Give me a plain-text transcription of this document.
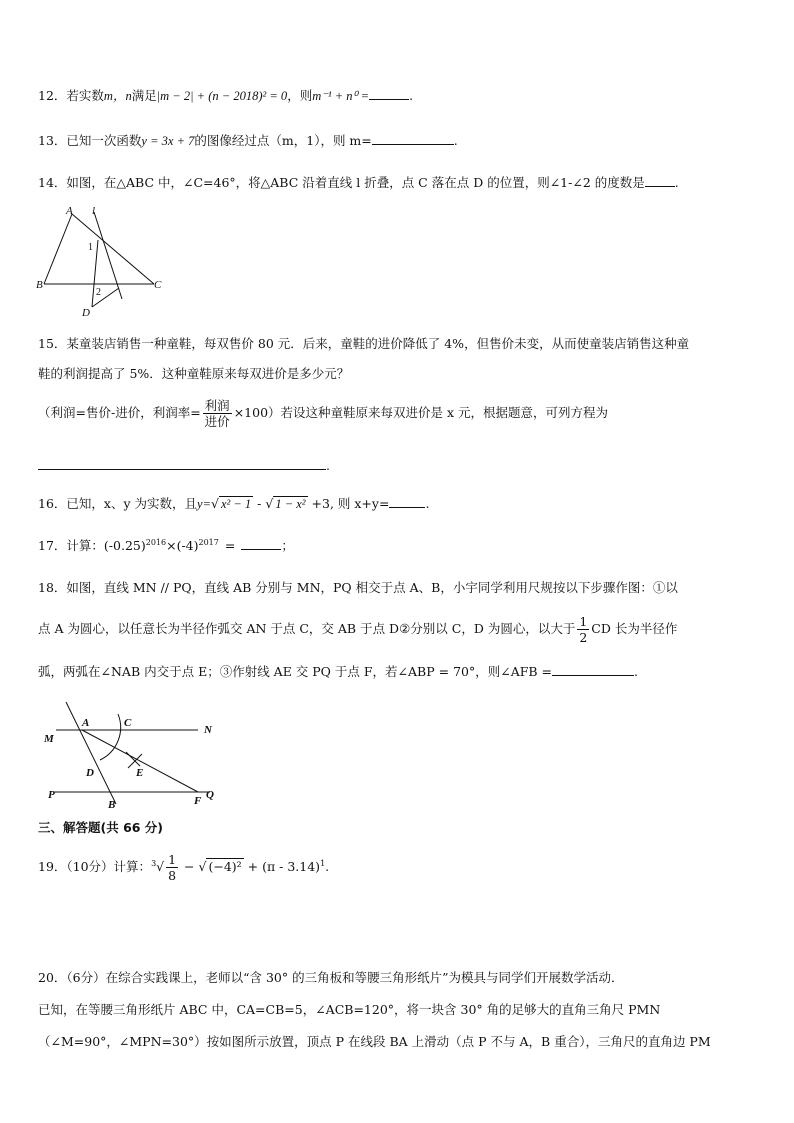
12．若实数m，n满足|m − 2| + (n − 2018)² = 0，则m⁻¹ + n⁰ =	.
13．已知一次函数y = 3x + 7的图像经过点（m，1），则 m=	.
14．如图，在△ABC 中，∠C=46°，将△ABC 沿着直线 l 折叠，点 C 落在点 D 的位置，则∠1-∠2 的度数是 .
A l
1
B	C
2
D
15．某童装店销售一种童鞋，每双售价 80 元．后来，童鞋的进价降低了 4%，但售价未变，从而使童装店销售这种童
鞋的利润提高了 5%．这种童鞋原来每双进价是多少元？
（利润=售价-进价，利润率= $\frac{\text{利润}}{\text{进价}} \times 100$）若设这种童鞋原来每双进价是 x 元，根据题意，可列方程为
.
16．已知，x、y 为实数，且y=√ x² − 1 - √ 1 − x² +3, 则 x+y=	.
17．计算：$(-0.25)^{2016}\times(-4)^{2017}$ =	；
18．如图，直线 MN // PQ，直线 AB 分别与 MN，PQ 相交于点 A、B，小宇同学利用尺规按以下步骤作图：①以
点 A 为圆心，以任意长为半径作弧交 AN 于点 C，交 AB 于点 D②分别以 C，D 为圆心，以大于 $\frac{1}{2}$ CD 长为半径作
弧，两弧在∠NAB 内交于点 E；③作射线 AE 交 PQ 于点 F，若∠ABP = 70°，则∠AFB =	.
A	C
N
M
D	E
P
B	F Q
三、解答题(共 66 分)
19．（10分）计算：$^3√ \frac{1}{8}$ − √ (−4)² + (π - 3.14)$^1$.
20．（6分）在综合实践课上，老师以“含 30° 的三角板和等腰三角形纸片”为模具与同学们开展数学活动．
已知，在等腰三角形纸片 ABC 中，CA=CB=5，∠ACB=120°，将一块含 30° 角的足够大的直角三角尺 PMN
（∠M=90°，∠MPN=30°）按如图所示放置，顶点 P 在线段 BA 上滑动（点 P 不与 A，B 重合），三角尺的直角边 PM
